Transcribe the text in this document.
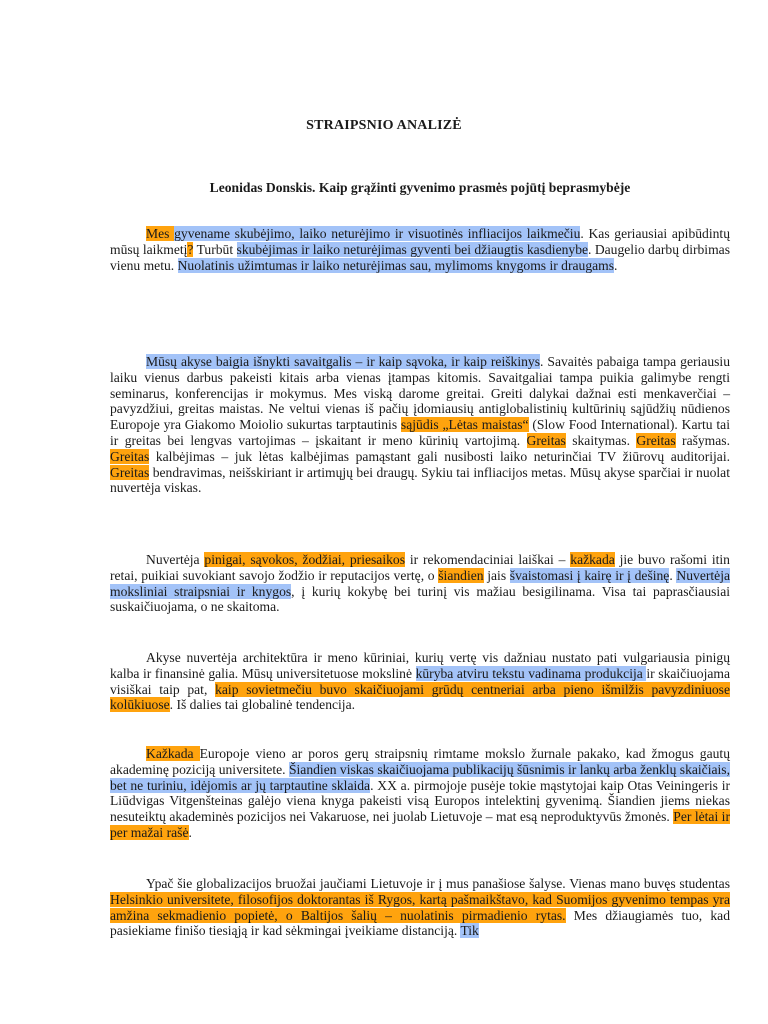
STRAIPSNIO ANALIZĖ
Leonidas Donskis. Kaip grąžinti gyvenimo prasmės pojūtį beprasmybėje

Mes gyvename skubėjimo, laiko neturėjimo ir visuotinės infliacijos laikmečiu. Kas geriausiai apibūdintų mūsų laikmetį? Turbūt skubėjimas ir laiko neturėjimas gyventi bei džiaugtis kasdienybe. Daugelio darbų dirbimas vienu metu. Nuolatinis užimtumas ir laiko neturėjimas sau, mylimoms knygoms ir draugams.

Mūsų akyse baigia išnykti savaitgalis – ir kaip sąvoka, ir kaip reiškinys. Savaitės pabaiga tampa geriausiu laiku vienus darbus pakeisti kitais arba vienas įtampas kitomis. Savaitgaliai tampa puikia galimybe rengti seminarus, konferencijas ir mokymus. Mes viską darome greitai. Greiti dalykai dažnai esti menkaverčiai – pavyzdžiui, greitas maistas. Ne veltui vienas iš pačių įdomiausių antiglobalistinių kultūrinių sąjūdžių nūdienos Europoje yra Giakomo Moiolio sukurtas tarptautinis sąjūdis „Lėtas maistas“ (Slow Food International). Kartu tai ir greitas bei lengvas vartojimas – įskaitant ir meno kūrinių vartojimą. Greitas skaitymas. Greitas rašymas. Greitas kalbėjimas – juk lėtas kalbėjimas pamąstant gali nusibosti laiko neturinčiai TV žiūrovų auditorijai. Greitas bendravimas, neišskiriant ir artimųjų bei draugų. Sykiu tai infliacijos metas. Mūsų akyse sparčiai ir nuolat nuvertėja viskas.

Nuvertėja pinigai, sąvokos, žodžiai, priesaikos ir rekomendaciniai laiškai – kažkada jie buvo rašomi itin retai, puikiai suvokiant savojo žodžio ir reputacijos vertę, o šiandien jais švaistomasi į kairę ir į dešinę. Nuvertėja moksliniai straipsniai ir knygos, į kurių kokybę bei turinį vis mažiau besigilinama. Visa tai paprasčiausiai suskaičiuojama, o ne skaitoma.

Akyse nuvertėja architektūra ir meno kūriniai, kurių vertę vis dažniau nustato pati vulgariausia pinigų kalba ir finansinė galia. Mūsų universitetuose mokslinė kūryba atviru tekstu vadinama produkcija ir skaičiuojama visiškai taip pat, kaip sovietmečiu buvo skaičiuojami grūdų centneriai arba pieno išmilžis pavyzdiniuose kolūkiuose. Iš dalies tai globalinė tendencija.

Kažkada Europoje vieno ar poros gerų straipsnių rimtame mokslo žurnale pakako, kad žmogus gautų akademinę poziciją universitete. Šiandien viskas skaičiuojama publikacijų šūsnimis ir lankų arba ženklų skaičiais, bet ne turiniu, idėjomis ar jų tarptautine sklaida. XX a. pirmojoje pusėje tokie mąstytojai kaip Otas Veiningeris ir Liūdvigas Vitgenšteinas galėjo viena knyga pakeisti visą Europos intelektinį gyvenimą. Šiandien jiems niekas nesuteiktų akademinės pozicijos nei Vakaruose, nei juolab Lietuvoje – mat esą neproduktyvūs žmonės. Per lėtai ir per mažai rašė.

Ypač šie globalizacijos bruožai jaučiami Lietuvoje ir į mus panašiose šalyse. Vienas mano buvęs studentas Helsinkio universitete, filosofijos doktorantas iš Rygos, kartą pašmaikštavo, kad Suomijos gyvenimo tempas yra amžina sekmadienio popietė, o Baltijos šalių – nuolatinis pirmadienio rytas. Mes džiaugiamės tuo, kad pasiekiame finišo tiesiąją ir kad sėkmingai įveikiame distanciją. Tik
